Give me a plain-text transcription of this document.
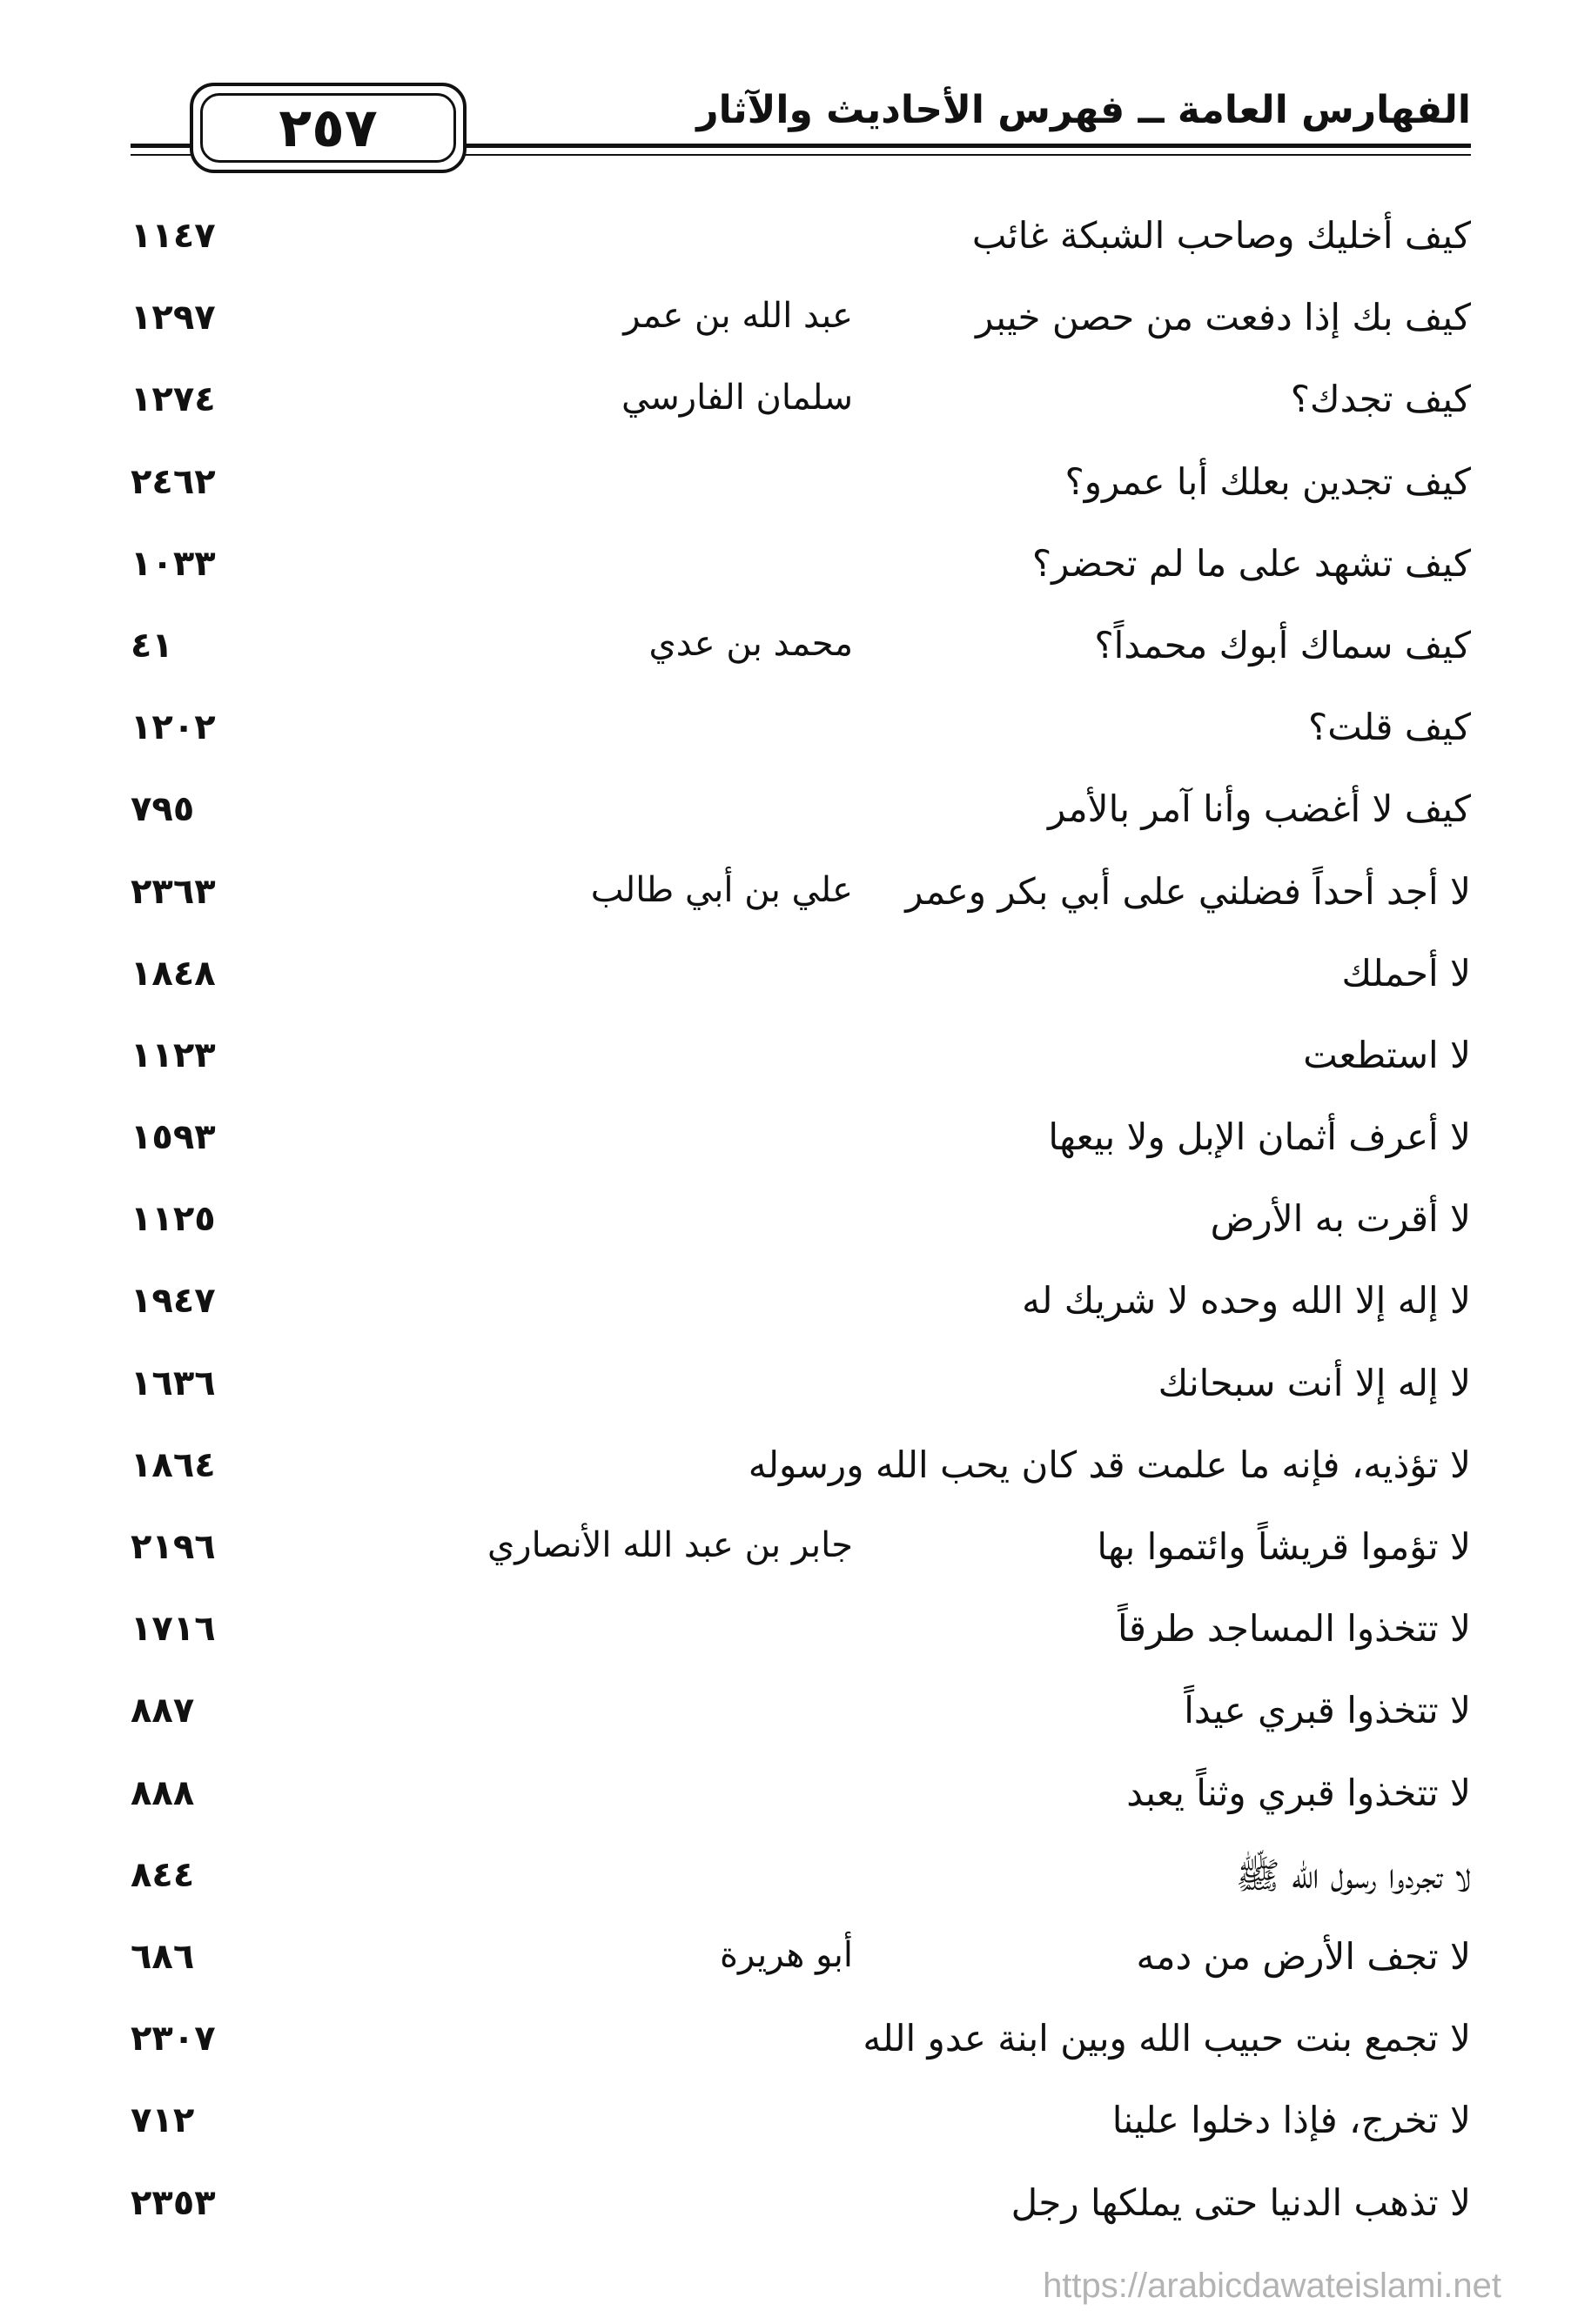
٢٥٧	الفهارس العامة ــ فهرس الأحاديث والآثار
كيف أخليك وصاحب الشبكة غائب
١١٤٧
كيف بك إذا دفعت من حصن خيبر
عبد الله بن عمر
١٢٩٧
كيف تجدك؟
سلمان الفارسي
١٢٧٤
كيف تجدين بعلك أبا عمرو؟
٢٤٦٢
كيف تشهد على ما لم تحضر؟
١٠٣٣
كيف سماك أبوك محمداً؟
محمد بن عدي
٤١
كيف قلت؟
١٢٠٢
كيف لا أغضب وأنا آمر بالأمر
٧٩٥
لا أجد أحداً فضلني على أبي بكر وعمر
علي بن أبي طالب
٢٣٦٣
لا أحملك
١٨٤٨
لا استطعت
١١٢٣
لا أعرف أثمان الإبل ولا بيعها
١٥٩٣
لا أقرت به الأرض
١١٢٥
لا إله إلا الله وحده لا شريك له
١٩٤٧
لا إله إلا أنت سبحانك
١٦٣٦
لا تؤذيه، فإنه ما علمت قد كان يحب الله ورسوله
١٨٦٤
لا تؤموا قريشاً وائتموا بها
جابر بن عبد الله الأنصاري
٢١٩٦
لا تتخذوا المساجد طرقاً
١٧١٦
لا تتخذوا قبري عيداً
٨٨٧
لا تتخذوا قبري وثناً يعبد
٨٨٨
لا تجردوا رسول الله ﷺ
٨٤٤
لا تجف الأرض من دمه
أبو هريرة
٦٨٦
لا تجمع بنت حبيب الله وبين ابنة عدو الله
٢٣٠٧
لا تخرج، فإذا دخلوا علينا
٧١٢
لا تذهب الدنيا حتى يملكها رجل
٢٣٥٣
https://arabicdawateislami.net
